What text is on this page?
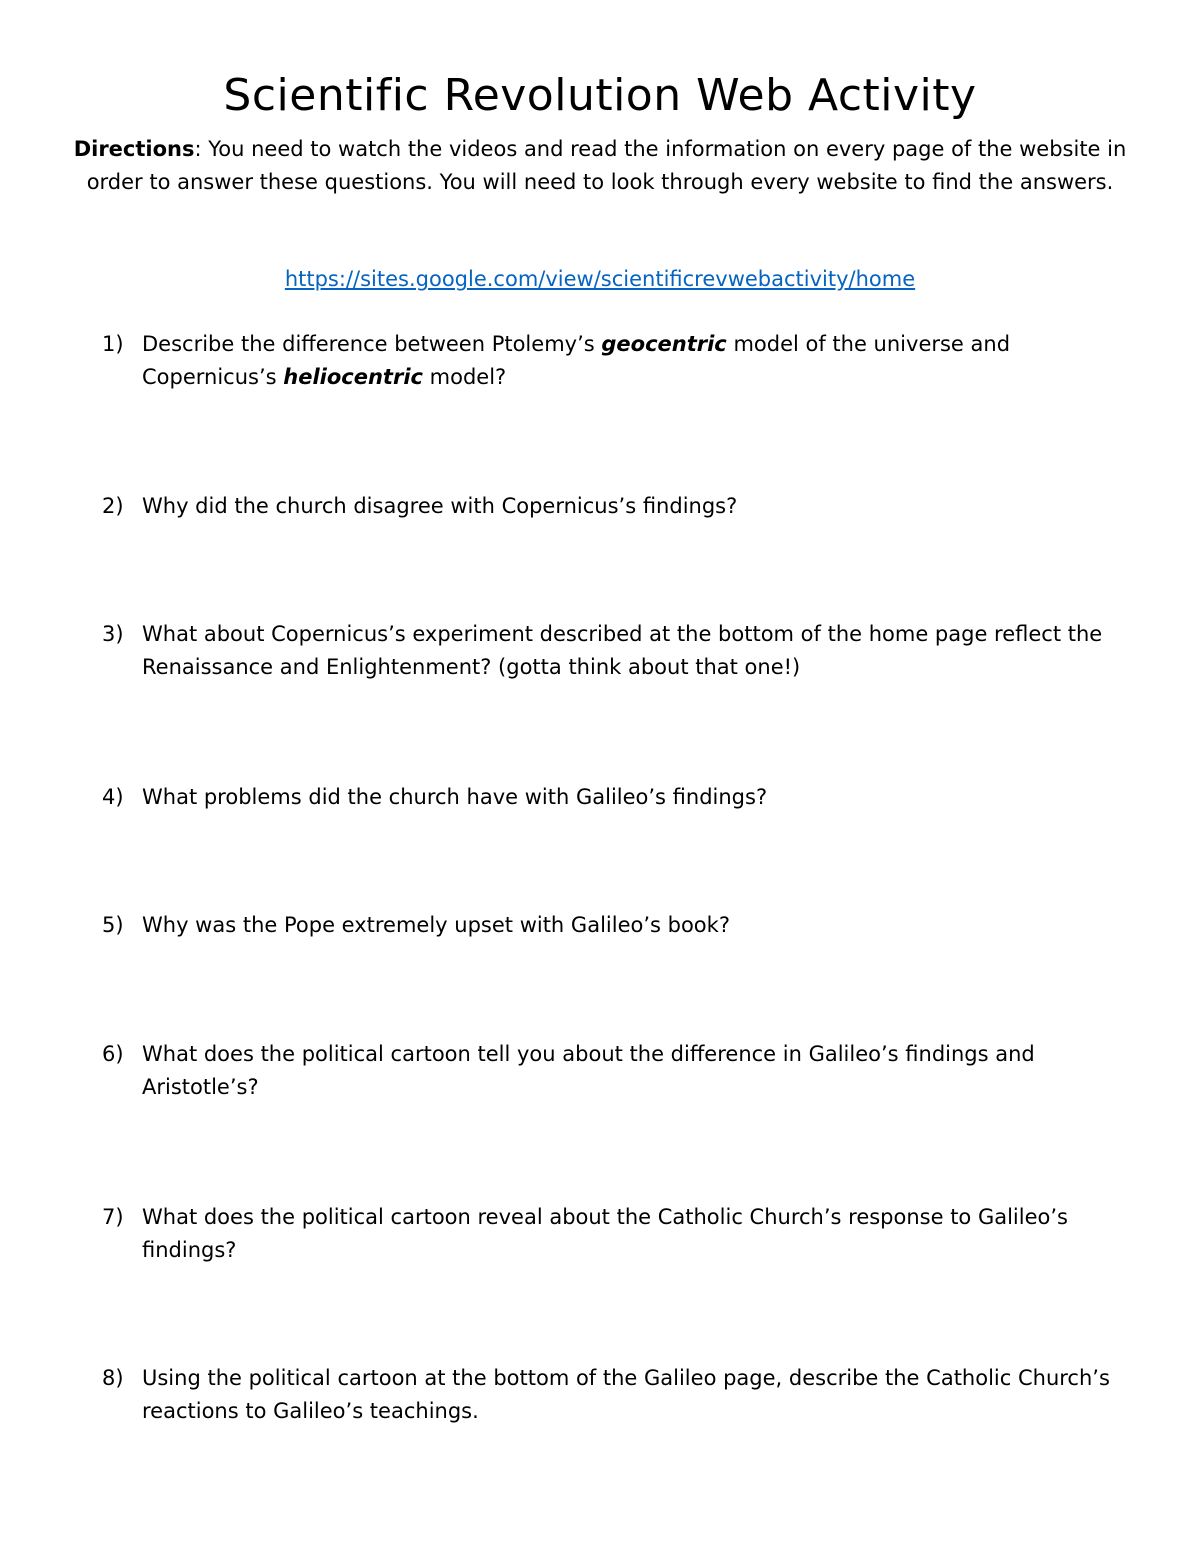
Scientific Revolution Web Activity

Directions: You need to watch the videos and read the information on every page of the website in order to answer these questions. You will need to look through every website to find the answers.

https://sites.google.com/view/scientificrevwebactivity/home

1) Describe the difference between Ptolemy’s geocentric model of the universe and Copernicus’s heliocentric model?
2) Why did the church disagree with Copernicus’s findings?
3) What about Copernicus’s experiment described at the bottom of the home page reflect the Renaissance and Enlightenment? (gotta think about that one!)
4) What problems did the church have with Galileo’s findings?
5) Why was the Pope extremely upset with Galileo’s book?
6) What does the political cartoon tell you about the difference in Galileo’s findings and Aristotle’s?
7) What does the political cartoon reveal about the Catholic Church’s response to Galileo’s findings?
8) Using the political cartoon at the bottom of the Galileo page, describe the Catholic Church’s reactions to Galileo’s teachings.
